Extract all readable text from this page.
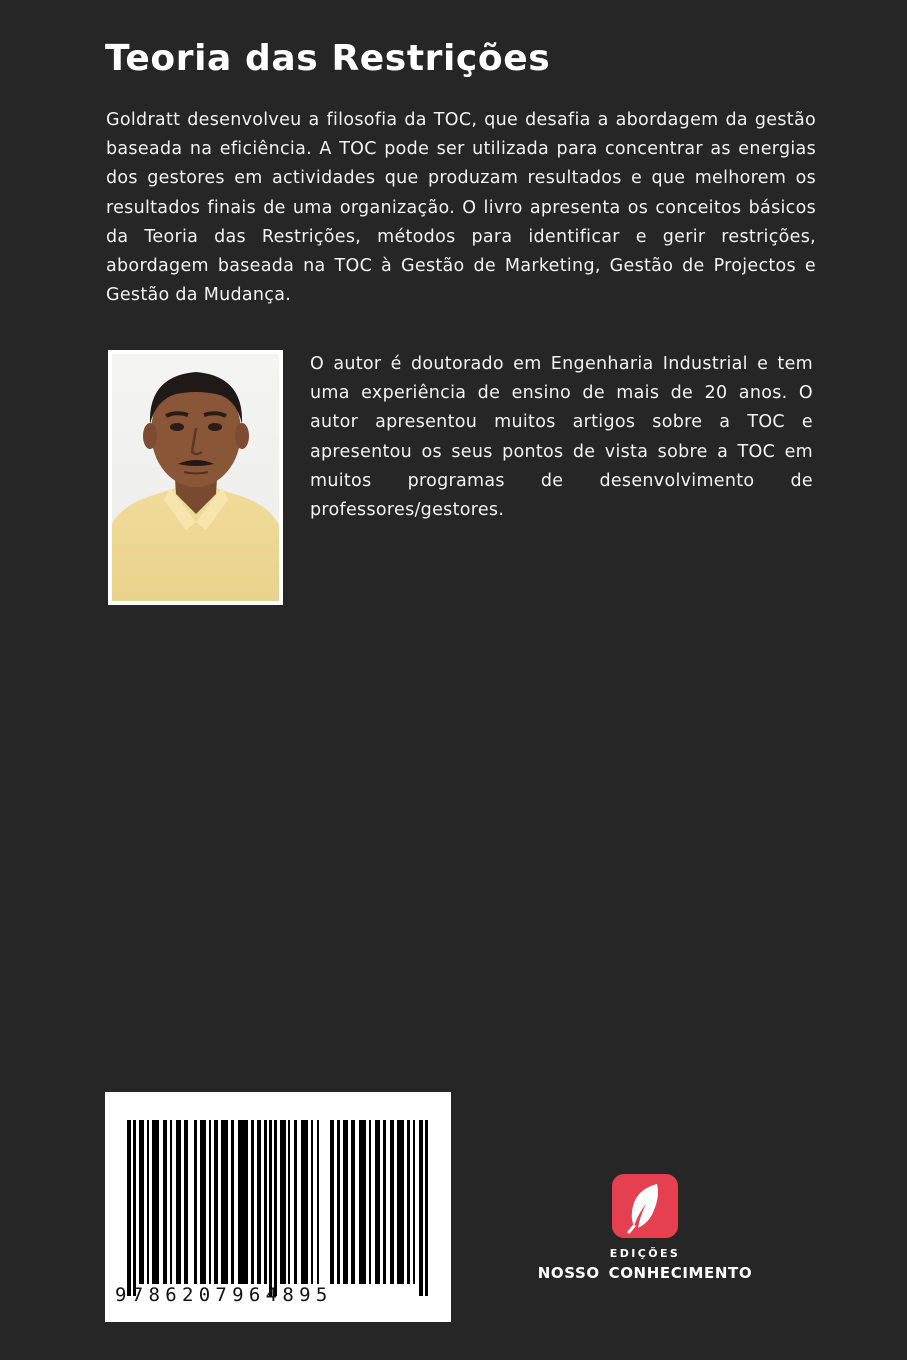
Teoria das Restrições

Goldratt desenvolveu a filosofia da TOC, que desafia a abordagem da gestão baseada na eficiência. A TOC pode ser utilizada para concentrar as energias dos gestores em actividades que produzam resultados e que melhorem os resultados finais de uma organização. O livro apresenta os conceitos básicos da Teoria das Restrições, métodos para identificar e gerir restrições, abordagem baseada na TOC à Gestão de Marketing, Gestão de Projectos e Gestão da Mudança.

O autor é doutorado em Engenharia Industrial e tem uma experiência de ensino de mais de 20 anos. O autor apresentou muitos artigos sobre a TOC e apresentou os seus pontos de vista sobre a TOC em muitos programas de desenvolvimento de professores/gestores.

9786207964895
EDIÇÕES
NOSSO CONHECIMENTO
